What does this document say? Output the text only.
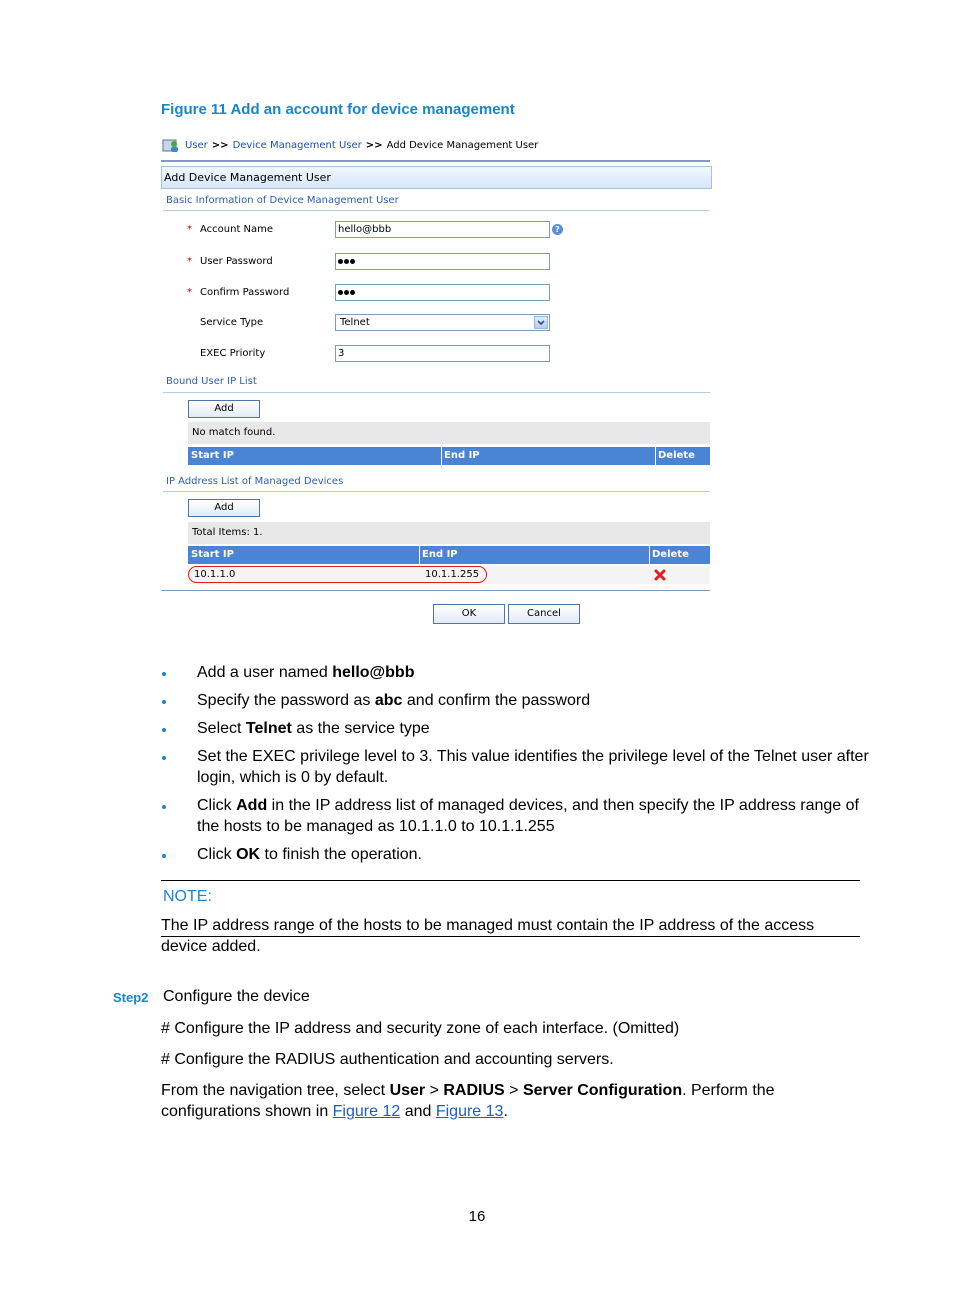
Figure 11 Add an account for device management
User >> Device Management User >> Add Device Management User
Add Device Management User
Basic Information of Device Management User
* Account Name	hello@bbb	?
* User Password
* Confirm Password
Service Type	Telnet
EXEC Priority	3
Bound User IP List
Add
No match found.
Start IP	End IP	Delete
IP Address List of Managed Devices
Add
Total Items: 1.
Start IP	End IP	Delete
10.1.1.0	10.1.1.255
OK	Cancel
Add a user named hello@bbb
Specify the password as abc and confirm the password
Select Telnet as the service type
Set the EXEC privilege level to 3. This value identifies the privilege level of the Telnet user after login, which is 0 by default.
Click Add in the IP address list of managed devices, and then specify the IP address range of the hosts to be managed as 10.1.1.0 to 10.1.1.255
Click OK to finish the operation.
NOTE:
The IP address range of the hosts to be managed must contain the IP address of the access device added.
Step2 Configure the device
# Configure the IP address and security zone of each interface. (Omitted)
# Configure the RADIUS authentication and accounting servers.
From the navigation tree, select User > RADIUS > Server Configuration. Perform the configurations shown in Figure 12 and Figure 13.
16
